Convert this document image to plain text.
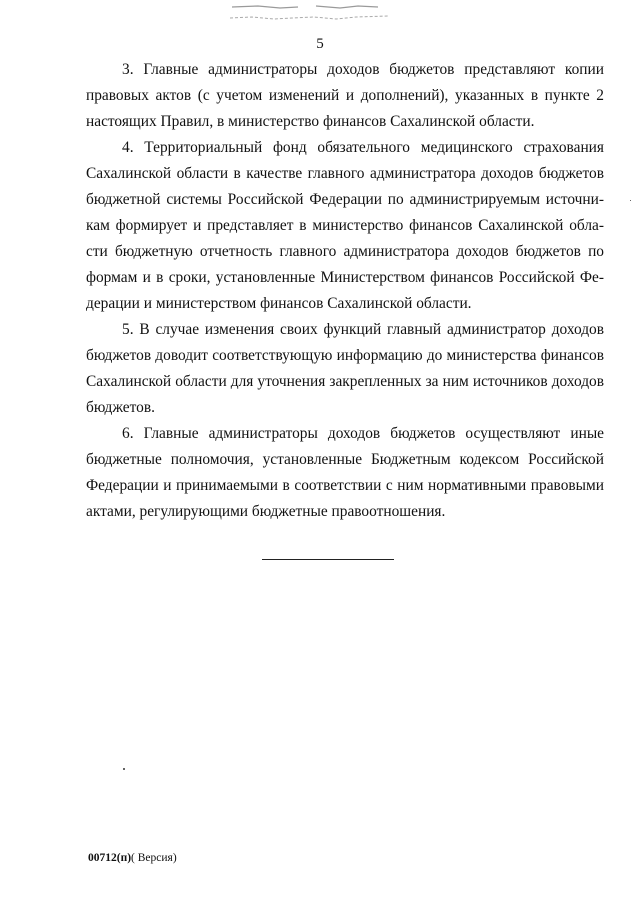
5

3. Главные администраторы доходов бюджетов представляют копии правовых актов (с учетом изменений и дополнений), указанных в пункте 2 настоящих Правил, в министерство финансов Сахалинской области.

4. Территориальный фонд обязательного медицинского страхования Сахалинской области в качестве главного администратора доходов бюджетов бюджетной системы Российской Федерации по администрируемым источникам формирует и представляет в министерство финансов Сахалинской области бюджетную отчетность главного администратора доходов бюджетов по формам и в сроки, установленные Министерством финансов Российской Федерации и министерством финансов Сахалинской области.

5. В случае изменения своих функций главный администратор доходов бюджетов доводит соответствующую информацию до министерства финансов Сахалинской области для уточнения закрепленных за ним источников доходов бюджетов.

6. Главные администраторы доходов бюджетов осуществляют иные бюджетные полномочия, установленные Бюджетным кодексом Российской Федерации и принимаемыми в соответствии с ним нормативными правовыми актами, регулирующими бюджетные правоотношения.

00712(п)( Версия)
